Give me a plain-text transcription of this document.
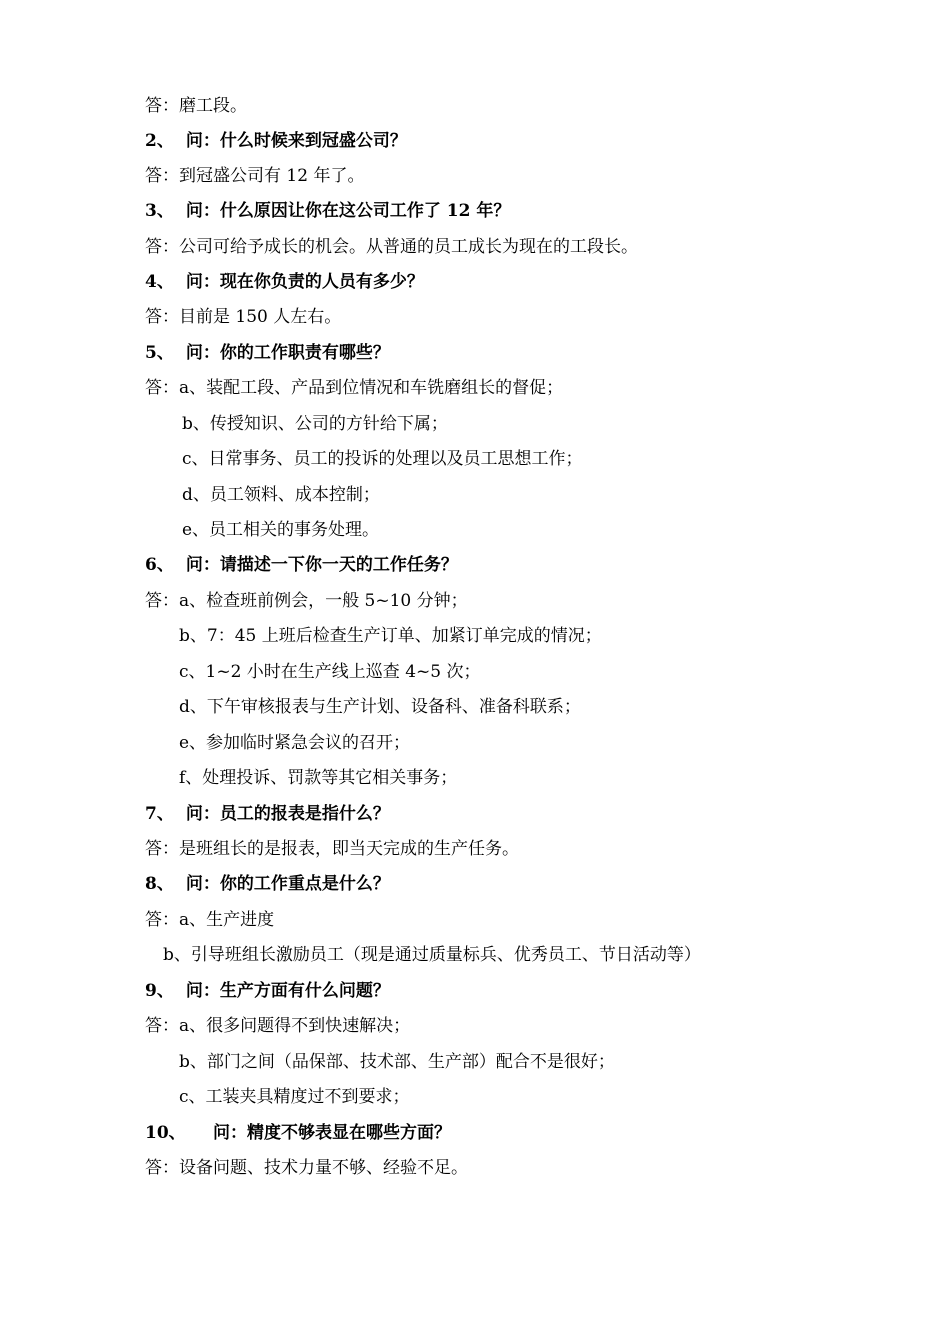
答：磨工段。
2、 问：什么时候来到冠盛公司？
答：到冠盛公司有 12 年了。
3、 问：什么原因让你在这公司工作了 12 年？
答：公司可给予成长的机会。从普通的员工成长为现在的工段长。
4、 问：现在你负责的人员有多少？
答：目前是 150 人左右。
5、 问：你的工作职责有哪些？
答：a、装配工段、产品到位情况和车铣磨组长的督促；
b、传授知识、公司的方针给下属；
c、日常事务、员工的投诉的处理以及员工思想工作；
d、员工领料、成本控制；
e、员工相关的事务处理。
6、 问：请描述一下你一天的工作任务？
答：a、检查班前例会，一般 5~10 分钟；
b、7：45 上班后检查生产订单、加紧订单完成的情况；
c、1~2 小时在生产线上巡查 4~5 次；
d、下午审核报表与生产计划、设备科、准备科联系；
e、参加临时紧急会议的召开；
f、处理投诉、罚款等其它相关事务；
7、 问：员工的报表是指什么？
答：是班组长的是报表，即当天完成的生产任务。
8、 问：你的工作重点是什么？
答：a、生产进度
b、引导班组长激励员工（现是通过质量标兵、优秀员工、节日活动等）
9、 问：生产方面有什么问题？
答：a、很多问题得不到快速解决；
b、部门之间（品保部、技术部、生产部）配合不是很好；
c、工装夹具精度过不到要求；
10、 问：精度不够表显在哪些方面？
答：设备问题、技术力量不够、经验不足。
